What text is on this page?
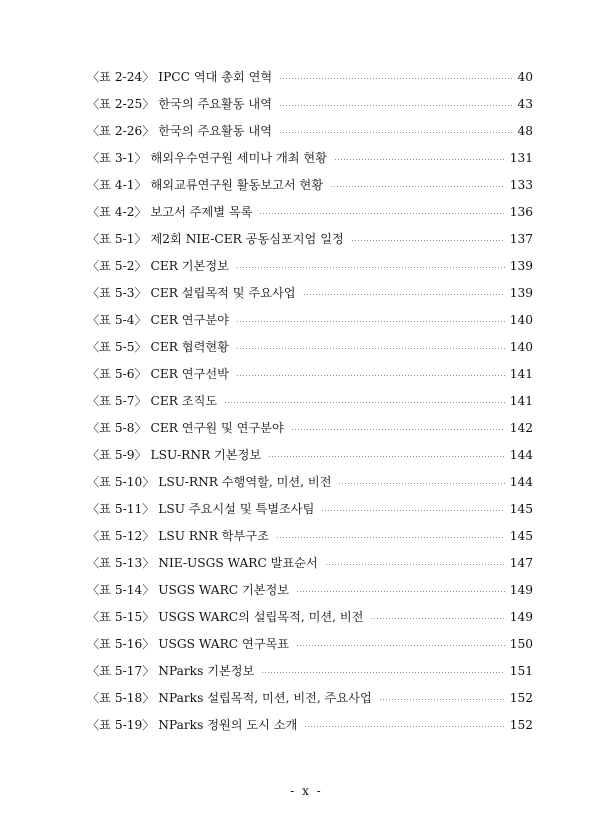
〈표 2-24〉 IPCC 역대 총회 연혁	40
〈표 2-25〉 한국의 주요활동 내역	43
〈표 2-26〉 한국의 주요활동 내역	48
〈표 3-1〉 해외우수연구원 세미나 개최 현황	131
〈표 4-1〉 해외교류연구원 활동보고서 현황	133
〈표 4-2〉 보고서 주제별 목록	136
〈표 5-1〉 제2회 NIE-CER 공동심포지엄 일정	137
〈표 5-2〉 CER 기본정보	139
〈표 5-3〉 CER 설립목적 및 주요사업	139
〈표 5-4〉 CER 연구분야	140
〈표 5-5〉 CER 협력현황	140
〈표 5-6〉 CER 연구선박	141
〈표 5-7〉 CER 조직도	141
〈표 5-8〉 CER 연구원 및 연구분야	142
〈표 5-9〉 LSU-RNR 기본정보	144
〈표 5-10〉 LSU-RNR 수행역할, 미션, 비전	144
〈표 5-11〉 LSU 주요시설 및 특별조사팀	145
〈표 5-12〉 LSU RNR 학부구조	145
〈표 5-13〉 NIE-USGS WARC 발표순서	147
〈표 5-14〉 USGS WARC 기본정보	149
〈표 5-15〉 USGS WARC의 설립목적, 미션, 비전	149
〈표 5-16〉 USGS WARC 연구목표	150
〈표 5-17〉 NParks 기본정보	151
〈표 5-18〉 NParks 설립목적, 미션, 비전, 주요사업	152
〈표 5-19〉 NParks 정원의 도시 소개	152
- x -
